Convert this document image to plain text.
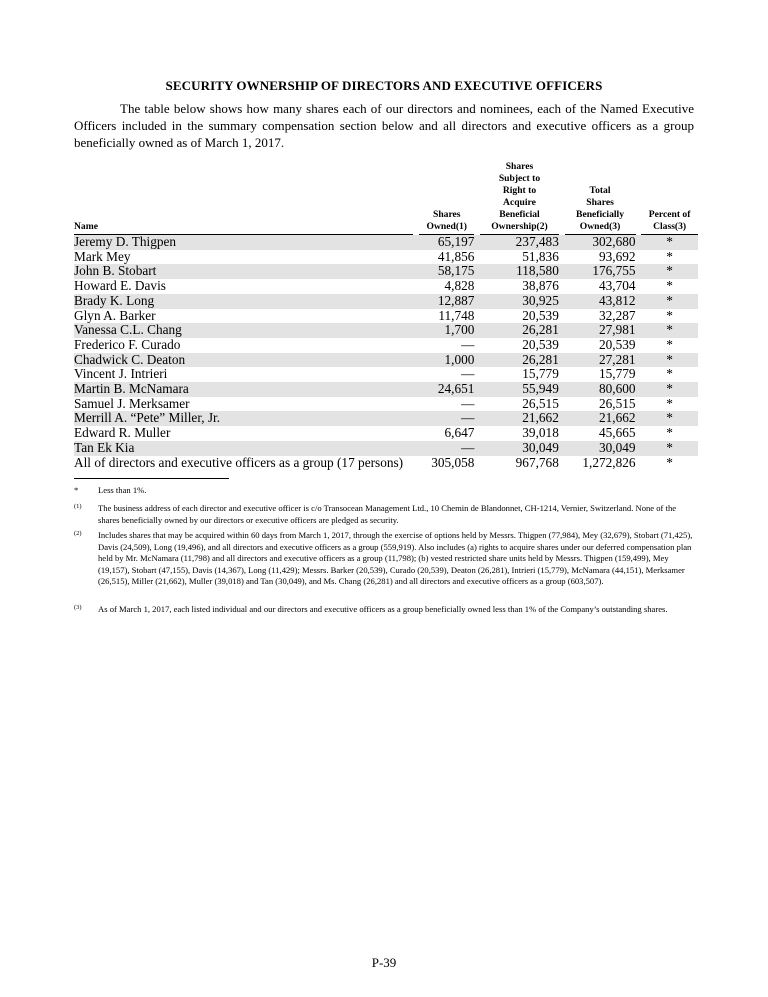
SECURITY OWNERSHIP OF DIRECTORS AND EXECUTIVE OFFICERS
The table below shows how many shares each of our directors and nominees, each of the Named Executive Officers included in the summary compensation section below and all directors and executive officers as a group beneficially owned as of March 1, 2017.
Name

Shares
Owned(1)

Shares
Subject to
Right to
Acquire
Beneficial
Ownership(2)

Total
Shares
Beneficially
Owned(3)

Percent of
Class(3)

Jeremy D. Thigpen		65,197		237,483		302,680		*
Mark Mey		41,856		51,836		93,692		*
John B. Stobart		58,175		118,580		176,755		*
Howard E. Davis		4,828		38,876		43,704		*
Brady K. Long		12,887		30,925		43,812		*
Glyn A. Barker		11,748		20,539		32,287		*
Vanessa C.L. Chang		1,700		26,281		27,981		*
Frederico F. Curado		—		20,539		20,539		*
Chadwick C. Deaton		1,000		26,281		27,281		*
Vincent J. Intrieri		—		15,779		15,779		*
Martin B. McNamara		24,651		55,949		80,600		*
Samuel J. Merksamer		—		26,515		26,515		*
Merrill A. “Pete” Miller, Jr.		—		21,662		21,662		*
Edward R. Muller		6,647		39,018		45,665		*
Tan Ek Kia		—		30,049		30,049		*
All of directors and executive officers as a group (17 persons)		305,058		967,768		1,272,826		*
* Less than 1%.
$^{(1)}$ The business address of each director and executive officer is c/o Transocean Management Ltd., 10 Chemin de Blandonnet, CH-1214, Vernier, Switzerland. None of the shares beneficially owned by our directors or executive officers are pledged as security.
$^{(2)}$ Includes shares that may be acquired within 60 days from March 1, 2017, through the exercise of options held by Messrs. Thigpen (77,984), Mey (32,679), Stobart (71,425), Davis (24,509), Long (19,496), and all directors and executive officers as a group (559,919). Also includes (a) rights to acquire shares under our deferred compensation plan held by Mr. McNamara (11,798) and all directors and executive officers as a group (11,798); (b) vested restricted share units held by Messrs. Thigpen (159,499), Mey (19,157), Stobart (47,155), Davis (14,367), Long (11,429); Messrs. Barker (20,539), Curado (20,539), Deaton (26,281), Intrieri (15,779), McNamara (44,151), Merksamer (26,515), Miller (21,662), Muller (39,018) and Tan (30,049), and Ms. Chang (26,281) and all directors and executive officers as a group (603,507).
$^{(3)}$ As of March 1, 2017, each listed individual and our directors and executive officers as a group beneficially owned less than 1% of the Company’s outstanding shares.
P-39
